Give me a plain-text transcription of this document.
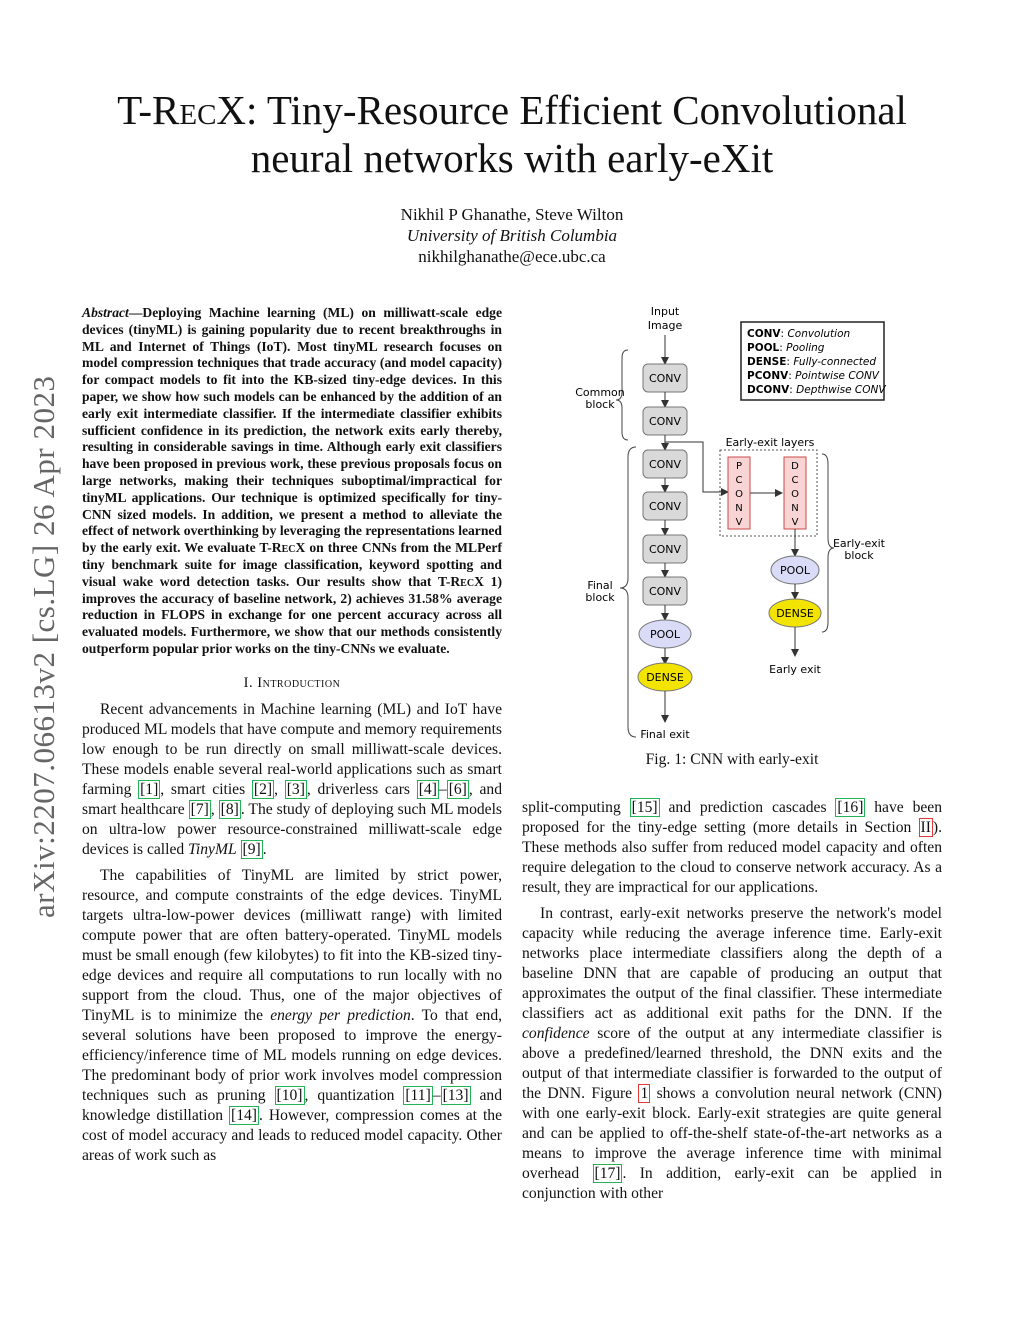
arXiv:2207.06613v2 [cs.LG] 26 Apr 2023
T-RecX: Tiny-Resource Efficient Convolutional
neural networks with early-eXit
Nikhil P Ghanathe, Steve Wilton
University of British Columbia
nikhilghanathe@ece.ubc.ca

Abstract—Deploying Machine learning (ML) on milliwatt-scale edge devices (tinyML) is gaining popularity due to recent breakthroughs in ML and Internet of Things (IoT). Most tinyML research focuses on model compression techniques that trade accuracy (and model capacity) for compact models to fit into the KB-sized tiny-edge devices. In this paper, we show how such models can be enhanced by the addition of an early exit intermediate classifier. If the intermediate classifier exhibits sufficient confidence in its prediction, the network exits early thereby, resulting in considerable savings in time. Although early exit classifiers have been proposed in previous work, these previous proposals focus on large networks, making their techniques suboptimal/impractical for tinyML applications. Our technique is optimized specifically for tiny-CNN sized models. In addition, we present a method to alleviate the effect of network overthinking by leveraging the representations learned by the early exit. We evaluate T-RecX on three CNNs from the MLPerf tiny benchmark suite for image classification, keyword spotting and visual wake word detection tasks. Our results show that T-RecX 1) improves the accuracy of baseline network, 2) achieves 31.58% average reduction in FLOPS in exchange for one percent accuracy across all evaluated models. Furthermore, we show that our methods consistently outperform popular prior works on the tiny-CNNs we evaluate.

I. Introduction

Recent advancements in Machine learning (ML) and IoT have produced ML models that have compute and memory requirements low enough to be run directly on small milliwatt-scale devices. These models enable several real-world applications such as smart farming [1] , smart cities [2] , [3] , driverless cars [4] – [6] , and smart healthcare [7] , [8] . The study of deploying such ML models on ultra-low power resource-constrained milliwatt-scale edge devices is called TinyML [9] .

The capabilities of TinyML are limited by strict power, resource, and compute constraints of the edge devices. TinyML targets ultra-low-power devices (milliwatt range) with limited compute power that are often battery-operated. TinyML models must be small enough (few kilobytes) to fit into the KB-sized tiny-edge devices and require all computations to run locally with no support from the cloud. Thus, one of the major objectives of TinyML is to minimize the energy per prediction. To that end, several solutions have been proposed to improve the energy-efficiency/inference time of ML models running on edge devices. The predominant body of prior work involves model compression techniques such as pruning [10] , quantization [11] – [13] and knowledge distillation [14] . However, compression comes at the cost of model accuracy and leads to reduced model capacity. Other areas of work such as

split-computing [15] and prediction cascades [16] have been proposed for the tiny-edge setting (more details in Section II ). These methods also suffer from reduced model capacity and often require delegation to the cloud to conserve network accuracy. As a result, they are impractical for our applications.

In contrast, early-exit networks preserve the network's model capacity while reducing the average inference time. Early-exit networks place intermediate classifiers along the depth of a baseline DNN that are capable of producing an output that approximates the output of the final classifier. These intermediate classifiers act as additional exit paths for the DNN. If the confidence score of the output at any intermediate classifier is above a predefined/learned threshold, the DNN exits and the output of that intermediate classifier is forwarded to the output of the DNN. Figure 1 shows a convolution neural network (CNN) with one early-exit block. Early-exit strategies are quite general and can be applied to off-the-shelf state-of-the-art networks as a means to improve the average inference time with minimal overhead [17] . In addition, early-exit can be applied in conjunction with other

Input
Image
CONV
CONV
CONV
CONV
CONV
CONV
POOL
DENSE
Final exit
Common
block
Final
block
Early-exit layers
P
C
O
N
V
D
C
O
N
V
POOL
DENSE
Early exit
Early-exit
block
CONV: Convolution
POOL: Pooling
DENSE: Fully-connected
PCONV: Pointwise CONV
DCONV: Depthwise CONV
Fig. 1: CNN with early-exit
